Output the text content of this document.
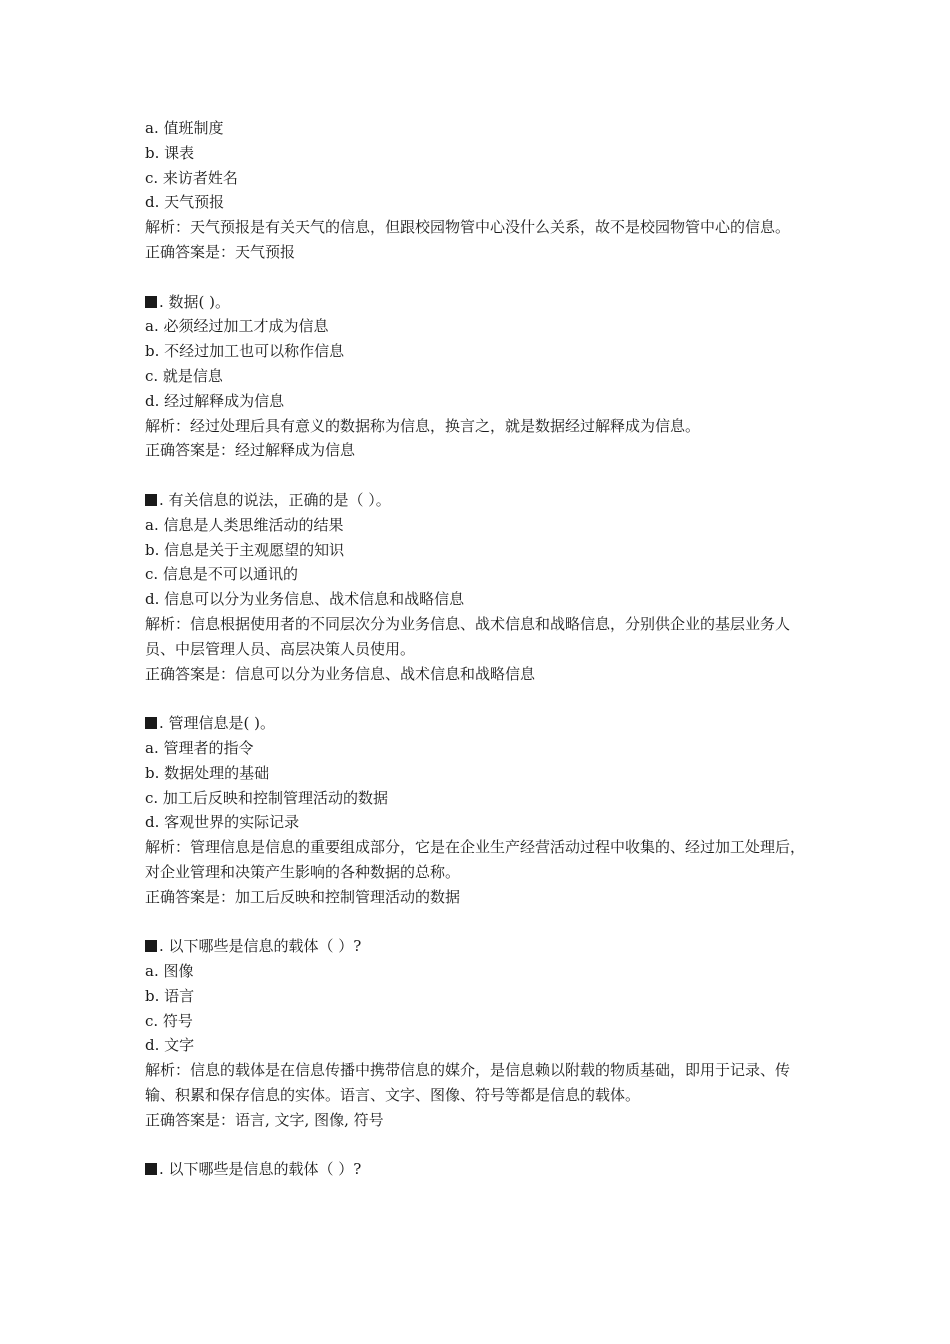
a. 值班制度
b. 课表
c. 来访者姓名
d. 天气预报
解析：天气预报是有关天气的信息，但跟校园物管中心没什么关系，故不是校园物管中心的信息。
正确答案是：天气预报
. 数据( )。
a. 必须经过加工才成为信息
b. 不经过加工也可以称作信息
c. 就是信息
d. 经过解释成为信息
解析：经过处理后具有意义的数据称为信息，换言之，就是数据经过解释成为信息。
正确答案是：经过解释成为信息
. 有关信息的说法，正确的是（ ）。
a. 信息是人类思维活动的结果
b. 信息是关于主观愿望的知识
c. 信息是不可以通讯的
d. 信息可以分为业务信息、战术信息和战略信息
解析：信息根据使用者的不同层次分为业务信息、战术信息和战略信息，分别供企业的基层业务人员、中层管理人员、高层决策人员使用。
正确答案是：信息可以分为业务信息、战术信息和战略信息
. 管理信息是( )。
a. 管理者的指令
b. 数据处理的基础
c. 加工后反映和控制管理活动的数据
d. 客观世界的实际记录
解析：管理信息是信息的重要组成部分，它是在企业生产经营活动过程中收集的、经过加工处理后，对企业管理和决策产生影响的各种数据的总称。
正确答案是：加工后反映和控制管理活动的数据
. 以下哪些是信息的载体（ ）?
a. 图像
b. 语言
c. 符号
d. 文字
解析：信息的载体是在信息传播中携带信息的媒介，是信息赖以附载的物质基础，即用于记录、传输、积累和保存信息的实体。语言、文字、图像、符号等都是信息的载体。
正确答案是：语言, 文字, 图像, 符号
. 以下哪些是信息的载体（ ）?
